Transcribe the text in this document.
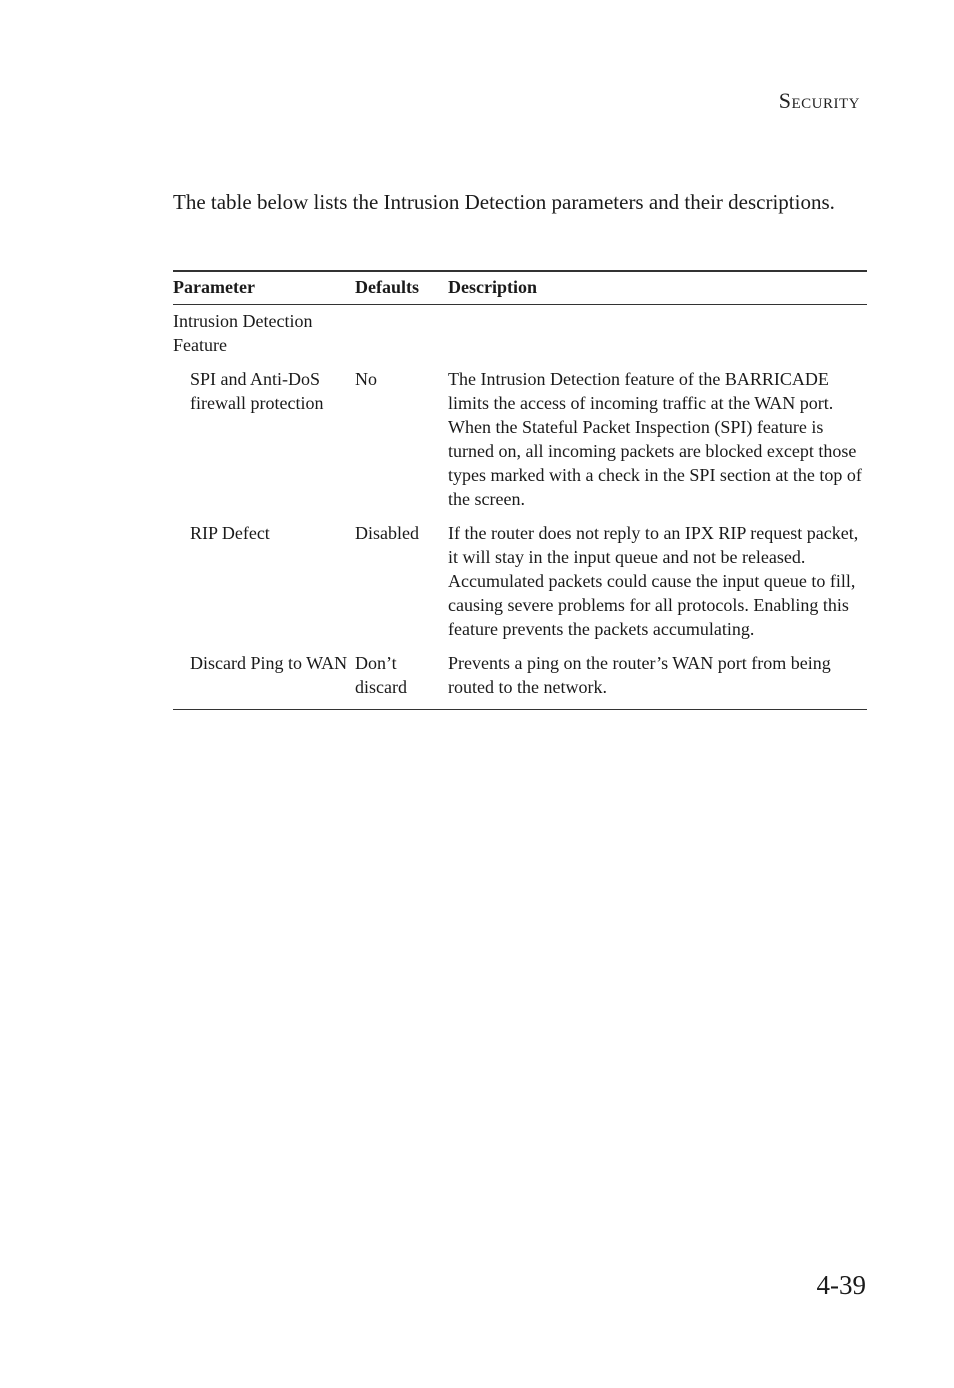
Security

The table below lists the Intrusion Detection parameters and their descriptions.

Parameter	Defaults	Description
Intrusion Detection Feature		
SPI and Anti-DoS firewall protection	No	The Intrusion Detection feature of the BARRICADE limits the access of incoming traffic at the WAN port. When the Stateful Packet Inspection (SPI) feature is turned on, all incoming packets are blocked except those types marked with a check in the SPI section at the top of the screen.
RIP Defect	Disabled	If the router does not reply to an IPX RIP request packet, it will stay in the input queue and not be released. Accumulated packets could cause the input queue to fill, causing severe problems for all protocols. Enabling this feature prevents the packets accumulating.
Discard Ping to WAN	Don’t discard	Prevents a ping on the router’s WAN port from being routed to the network.
4-39
